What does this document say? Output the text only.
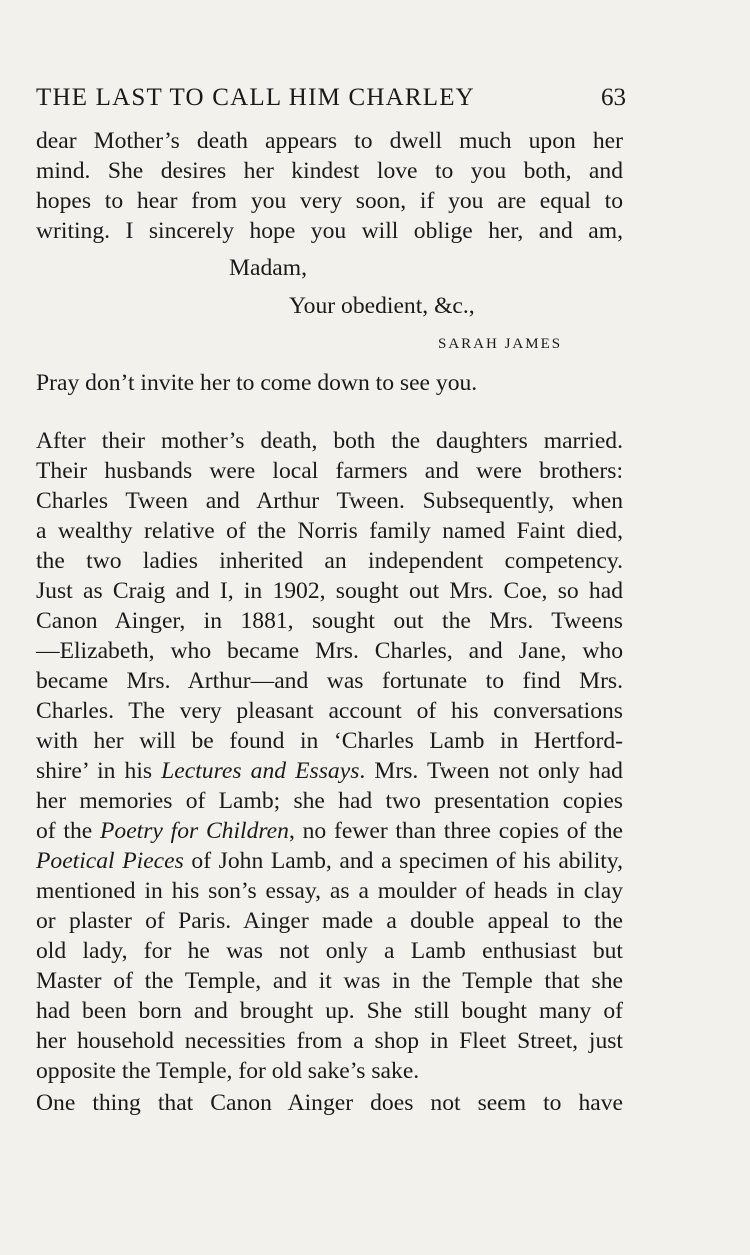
THE LAST TO CALL HIM CHARLEY	63
dear Mother’s death appears to dwell much upon her
mind. She desires her kindest love to you both, and
hopes to hear from you very soon, if you are equal to
writing. I sincerely hope you will oblige her, and am,
Madam,
Your obedient, &c.,
SARAH JAMES
Pray don’t invite her to come down to see you.
After their mother’s death, both the daughters married.
Their husbands were local farmers and were brothers:
Charles Tween and Arthur Tween. Subsequently, when
a wealthy relative of the Norris family named Faint died,
the two ladies inherited an independent competency.
Just as Craig and I, in 1902, sought out Mrs. Coe, so had
Canon Ainger, in 1881, sought out the Mrs. Tweens
—Elizabeth, who became Mrs. Charles, and Jane, who
became Mrs. Arthur—and was fortunate to find Mrs.
Charles. The very pleasant account of his conversations
with her will be found in ‘Charles Lamb in Hertford-
shire’ in his Lectures and Essays. Mrs. Tween not only had
her memories of Lamb; she had two presentation copies
of the Poetry for Children, no fewer than three copies of the
Poetical Pieces of John Lamb, and a specimen of his ability,
mentioned in his son’s essay, as a moulder of heads in clay
or plaster of Paris. Ainger made a double appeal to the
old lady, for he was not only a Lamb enthusiast but
Master of the Temple, and it was in the Temple that she
had been born and brought up. She still bought many of
her household necessities from a shop in Fleet Street, just
opposite the Temple, for old sake’s sake.
One thing that Canon Ainger does not seem to have
